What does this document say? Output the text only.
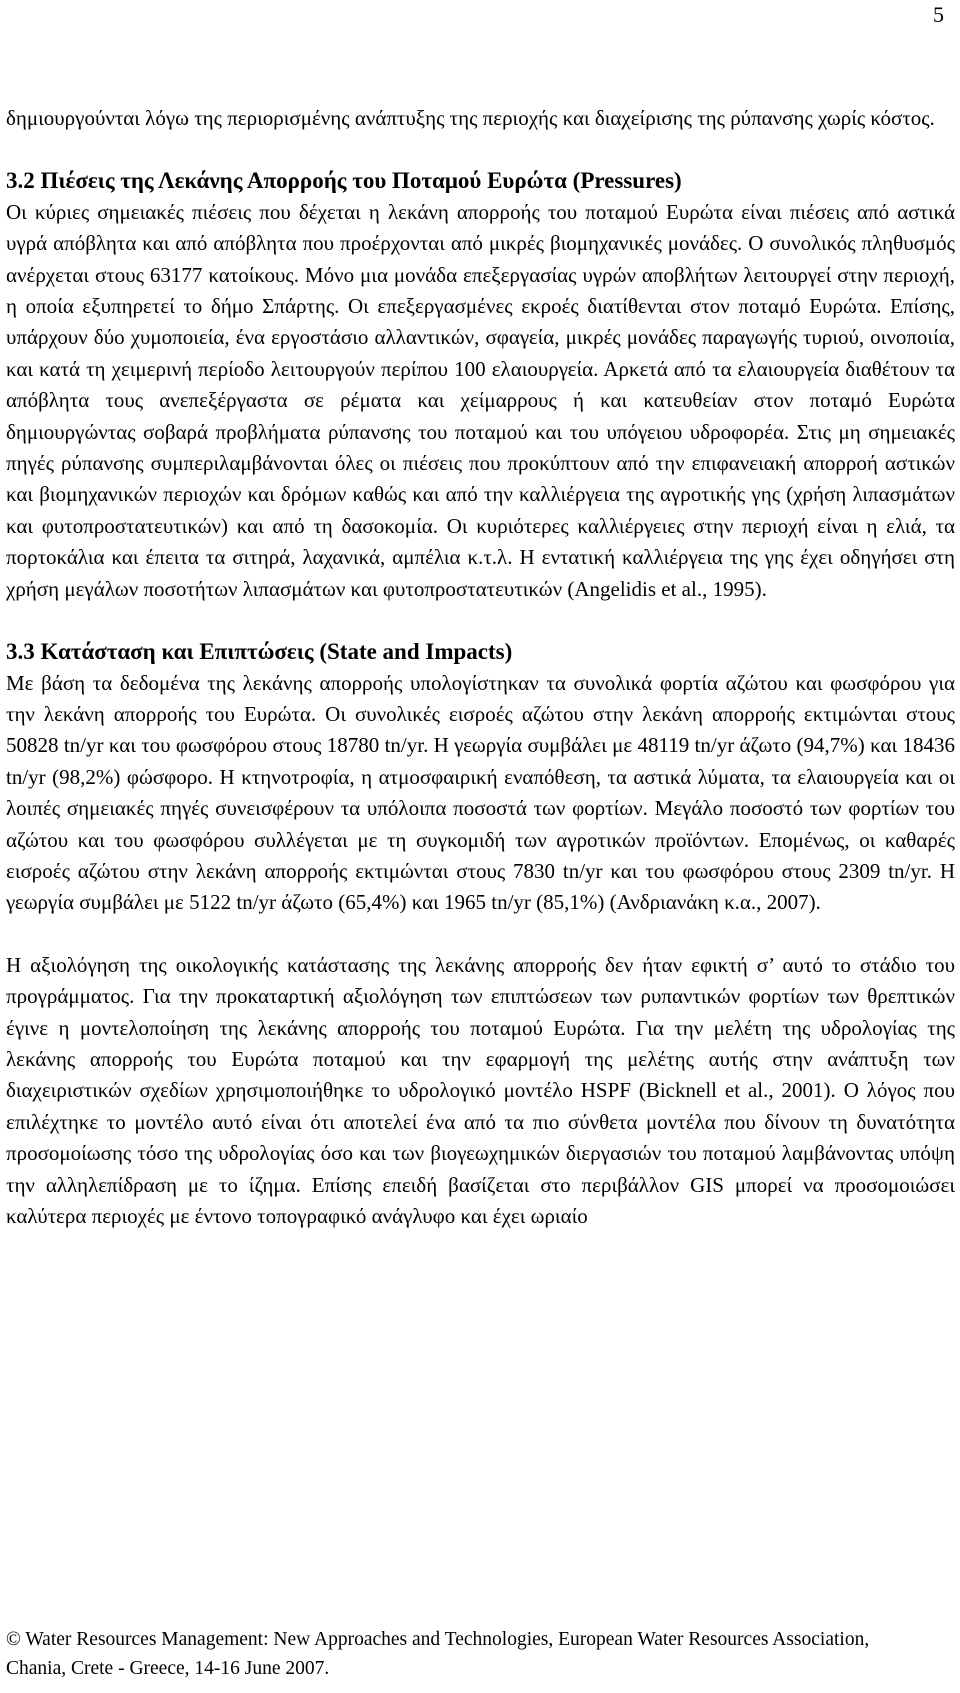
5

δημιουργούνται λόγω της περιορισμένης ανάπτυξης της περιοχής και διαχείρισης της ρύπανσης χωρίς κόστος.

3.2 Πιέσεις της Λεκάνης Απορροής του Ποταμού Ευρώτα (Pressures)

Οι κύριες σημειακές πιέσεις που δέχεται η λεκάνη απορροής του ποταμού Ευρώτα είναι πιέσεις από αστικά υγρά απόβλητα και από απόβλητα που προέρχονται από μικρές βιομηχανικές μονάδες. Ο συνολικός πληθυσμός ανέρχεται στους 63177 κατοίκους. Μόνο μια μονάδα επεξεργασίας υγρών αποβλήτων λειτουργεί στην περιοχή, η οποία εξυπηρετεί το δήμο Σπάρτης. Οι επεξεργασμένες εκροές διατίθενται στον ποταμό Ευρώτα. Επίσης, υπάρχουν δύο χυμοποιεία, ένα εργοστάσιο αλλαντικών, σφαγεία, μικρές μονάδες παραγωγής τυριού, οινοποιία, και κατά τη χειμερινή περίοδο λειτουργούν περίπου 100 ελαιουργεία. Αρκετά από τα ελαιουργεία διαθέτουν τα απόβλητα τους ανεπεξέργαστα σε ρέματα και χείμαρρους ή και κατευθείαν στον ποταμό Ευρώτα δημιουργώντας σοβαρά προβλήματα ρύπανσης του ποταμού και του υπόγειου υδροφορέα. Στις μη σημειακές πηγές ρύπανσης συμπεριλαμβάνονται όλες οι πιέσεις που προκύπτουν από την επιφανειακή απορροή αστικών και βιομηχανικών περιοχών και δρόμων καθώς και από την καλλιέργεια της αγροτικής γης (χρήση λιπασμάτων και φυτοπροστατευτικών) και από τη δασοκομία. Οι κυριότερες καλλιέργειες στην περιοχή είναι η ελιά, τα πορτοκάλια και έπειτα τα σιτηρά, λαχανικά, αμπέλια κ.τ.λ. Η εντατική καλλιέργεια της γης έχει οδηγήσει στη χρήση μεγάλων ποσοτήτων λιπασμάτων και φυτοπροστατευτικών (Angelidis et al., 1995).

3.3 Κατάσταση και Επιπτώσεις (State and Impacts)

Με βάση τα δεδομένα της λεκάνης απορροής υπολογίστηκαν τα συνολικά φορτία αζώτου και φωσφόρου για την λεκάνη απορροής του Ευρώτα. Οι συνολικές εισροές αζώτου στην λεκάνη απορροής εκτιμώνται στους 50828 tn/yr και του φωσφόρου στους 18780 tn/yr. Η γεωργία συμβάλει με 48119 tn/yr άζωτο (94,7%) και 18436 tn/yr (98,2%) φώσφορο. Η κτηνοτροφία, η ατμοσφαιρική εναπόθεση, τα αστικά λύματα, τα ελαιουργεία και οι λοιπές σημειακές πηγές συνεισφέρουν τα υπόλοιπα ποσοστά των φορτίων. Μεγάλο ποσοστό των φορτίων του αζώτου και του φωσφόρου συλλέγεται με τη συγκομιδή των αγροτικών προϊόντων. Επομένως, οι καθαρές εισροές αζώτου στην λεκάνη απορροής εκτιμώνται στους 7830 tn/yr και του φωσφόρου στους 2309 tn/yr. Η γεωργία συμβάλει με 5122 tn/yr άζωτο (65,4%) και 1965 tn/yr (85,1%) (Ανδριανάκη κ.α., 2007).

Η αξιολόγηση της οικολογικής κατάστασης της λεκάνης απορροής δεν ήταν εφικτή σ’ αυτό το στάδιο του προγράμματος. Για την προκαταρτική αξιολόγηση των επιπτώσεων των ρυπαντικών φορτίων των θρεπτικών έγινε η μοντελοποίηση της λεκάνης απορροής του ποταμού Ευρώτα. Για την μελέτη της υδρολογίας της λεκάνης απορροής του Ευρώτα ποταμού και την εφαρμογή της μελέτης αυτής στην ανάπτυξη των διαχειριστικών σχεδίων χρησιμοποιήθηκε το υδρολογικό μοντέλο HSPF (Bicknell et al., 2001). Ο λόγος που επιλέχτηκε το μοντέλο αυτό είναι ότι αποτελεί ένα από τα πιο σύνθετα μοντέλα που δίνουν τη δυνατότητα προσομοίωσης τόσο της υδρολογίας όσο και των βιογεωχημικών διεργασιών του ποταμού λαμβάνοντας υπόψη την αλληλεπίδραση με το ίζημα. Επίσης επειδή βασίζεται στο περιβάλλον GIS μπορεί να προσομοιώσει καλύτερα περιοχές με έντονο τοπογραφικό ανάγλυφο και έχει ωριαίο

© Water Resources Management: New Approaches and Technologies, European Water Resources Association,
Chania, Crete - Greece, 14-16 June 2007.
